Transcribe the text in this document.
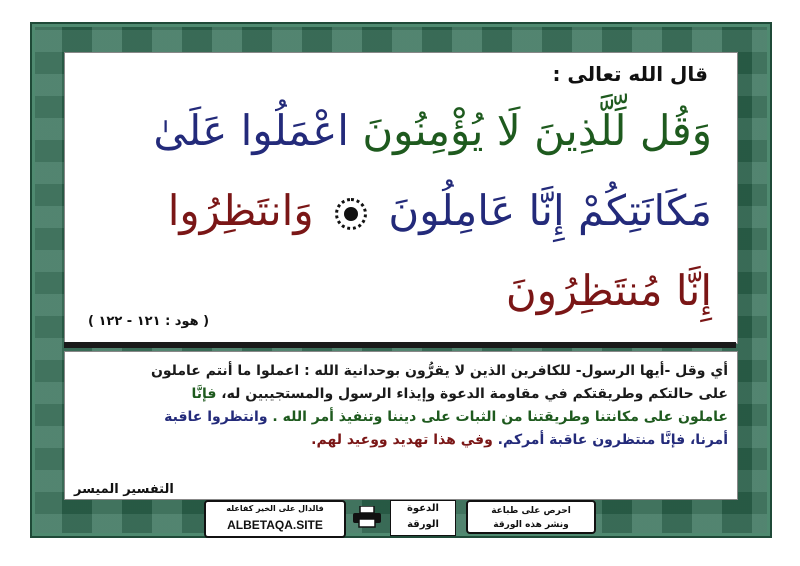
قال الله تعالى :
وَقُل لِّلَّذِينَ لَا يُؤْمِنُونَ اعْمَلُوا عَلَىٰ
مَكَانَتِكُمْ إِنَّا عَامِلُونَ  وَانتَظِرُوا
إِنَّا مُنتَظِرُونَ
( هود : ١٢١ - ١٢٢ )
أي وقل -أيها الرسول- للكافرين الذين لا يقرُّون بوحدانية الله : اعملوا ما أنتم عاملون
على حالتكم وطريقتكم في مقاومة الدعوة وإيذاء الرسول والمستجيبين له، فإنَّا
عاملون على مكانتنا وطريقتنا من الثبات على ديننا وتنفيذ أمر الله . وانتظروا عاقبة
أمرنا، فإنَّا منتظرون عاقبة أمركم. وفي هذا تهديد ووعيد لهم.
التفسير الميسر
فالدال على الخير كفاعله
ALBETAQA.SITE
الدعوة
الورقة
احرص على طباعة
ونشر هذه الورقة
